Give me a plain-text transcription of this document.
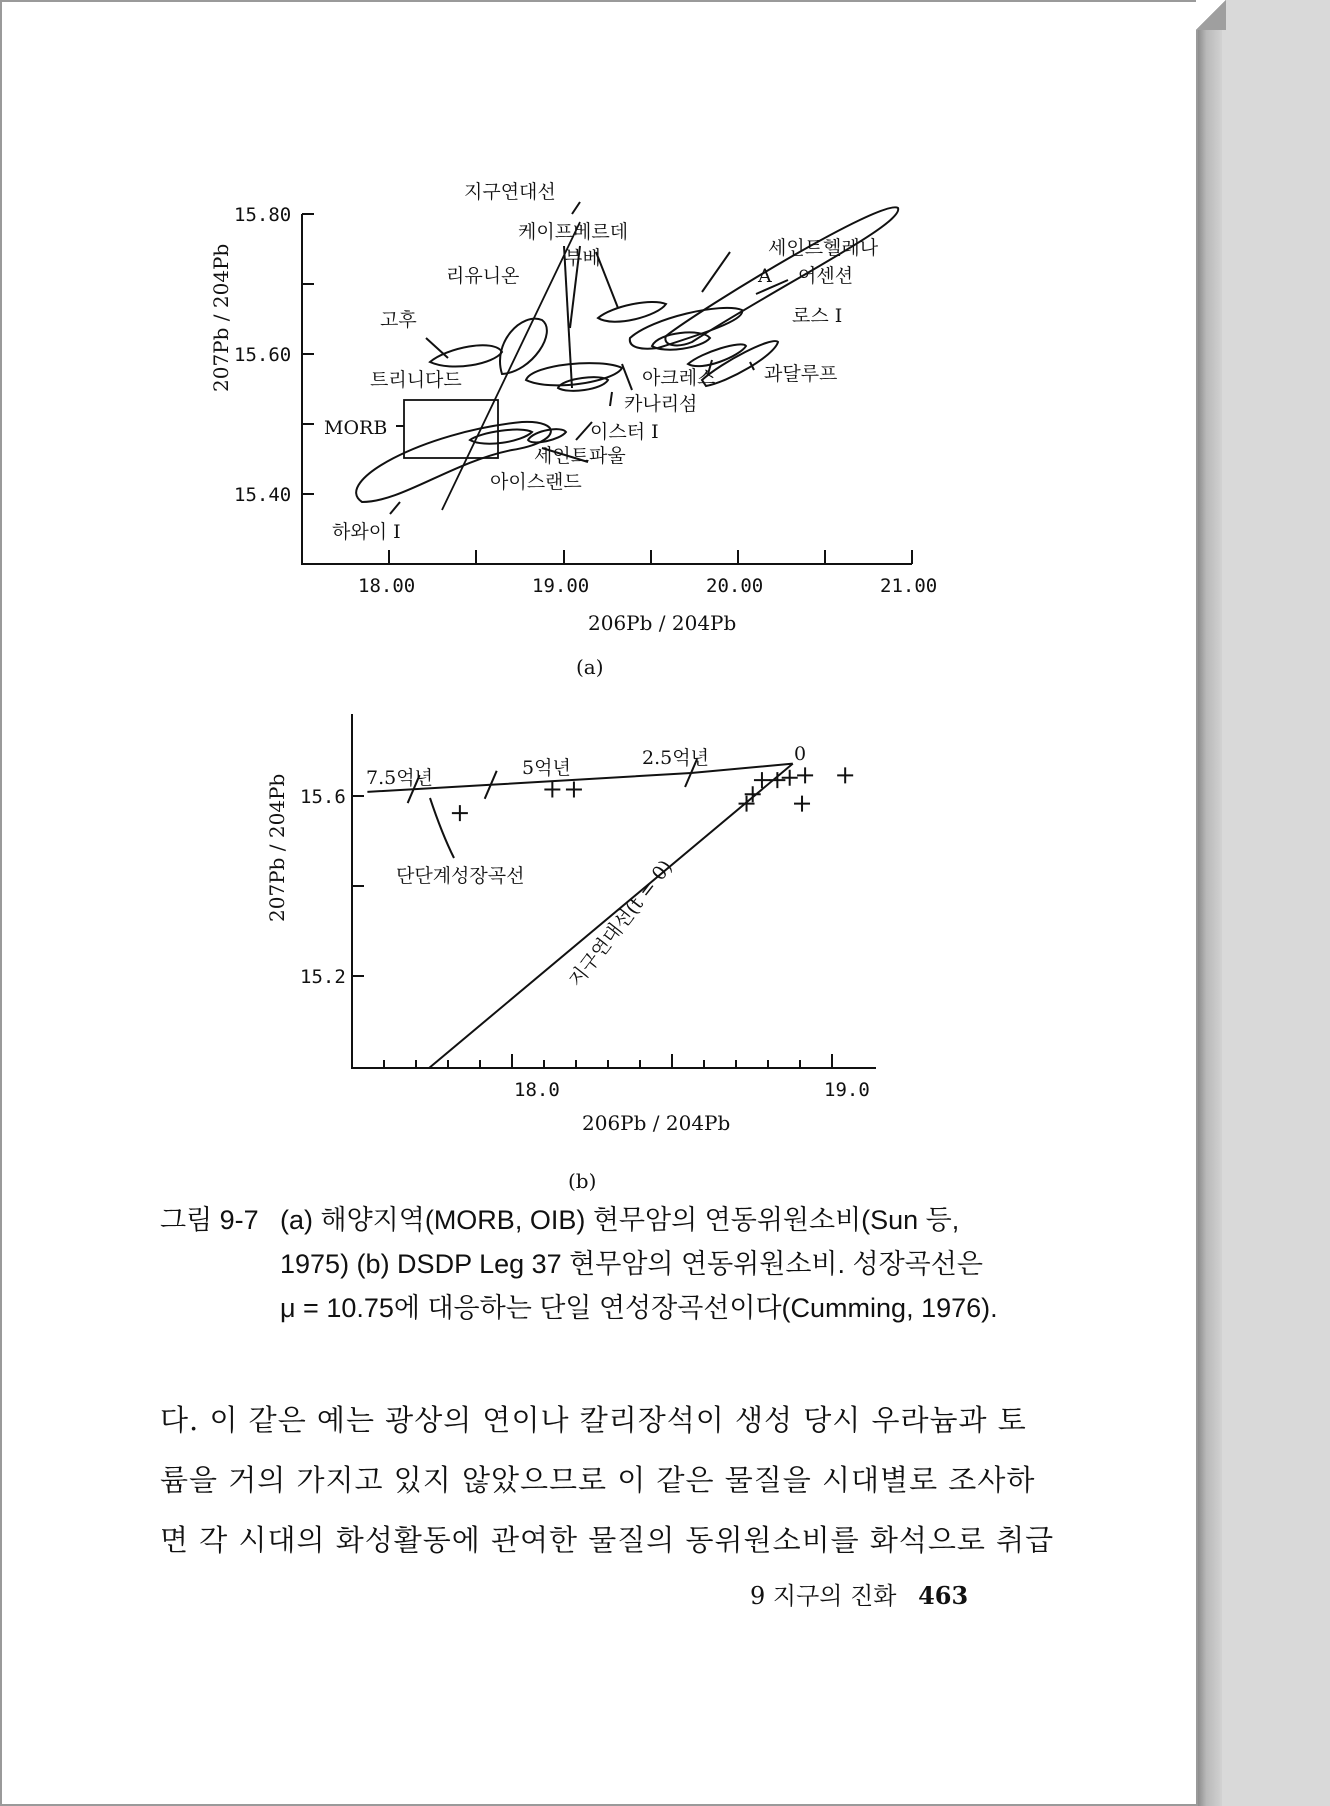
15.80
15.60
15.40
18.00	19.00	20.00	21.00
206Pb / 204Pb
207Pb / 204Pb
(a)
지구연대선
케이프베르데
부베
리유니온
세인트헬레나
A 어센션
고후	로스 I
트리니다드	아크레스	과달루프
카나리섬
MORB	이스터 I
세인트파울
아이스랜드
하와이 I
15.6
15.2
18.0	19.0
206Pb / 204Pb
207Pb / 204Pb
(b)
7.5억년	5억년	2.5억년	0
단단계성장곡선 지구연대선(t = 0)
그림 9-7 (a) 해양지역(MORB, OIB) 현무암의 연동위원소비(Sun 등,
1975) (b) DSDP Leg 37 현무암의 연동위원소비. 성장곡선은
μ = 10.75에 대응하는 단일 연성장곡선이다(Cumming, 1976).
다. 이 같은 예는 광상의 연이나 칼리장석이 생성 당시 우라늄과 토
륨을 거의 가지고 있지 않았으므로 이 같은 물질을 시대별로 조사하
면 각 시대의 화성활동에 관여한 물질의 동위원소비를 화석으로 취급
9 지구의 진화 463
